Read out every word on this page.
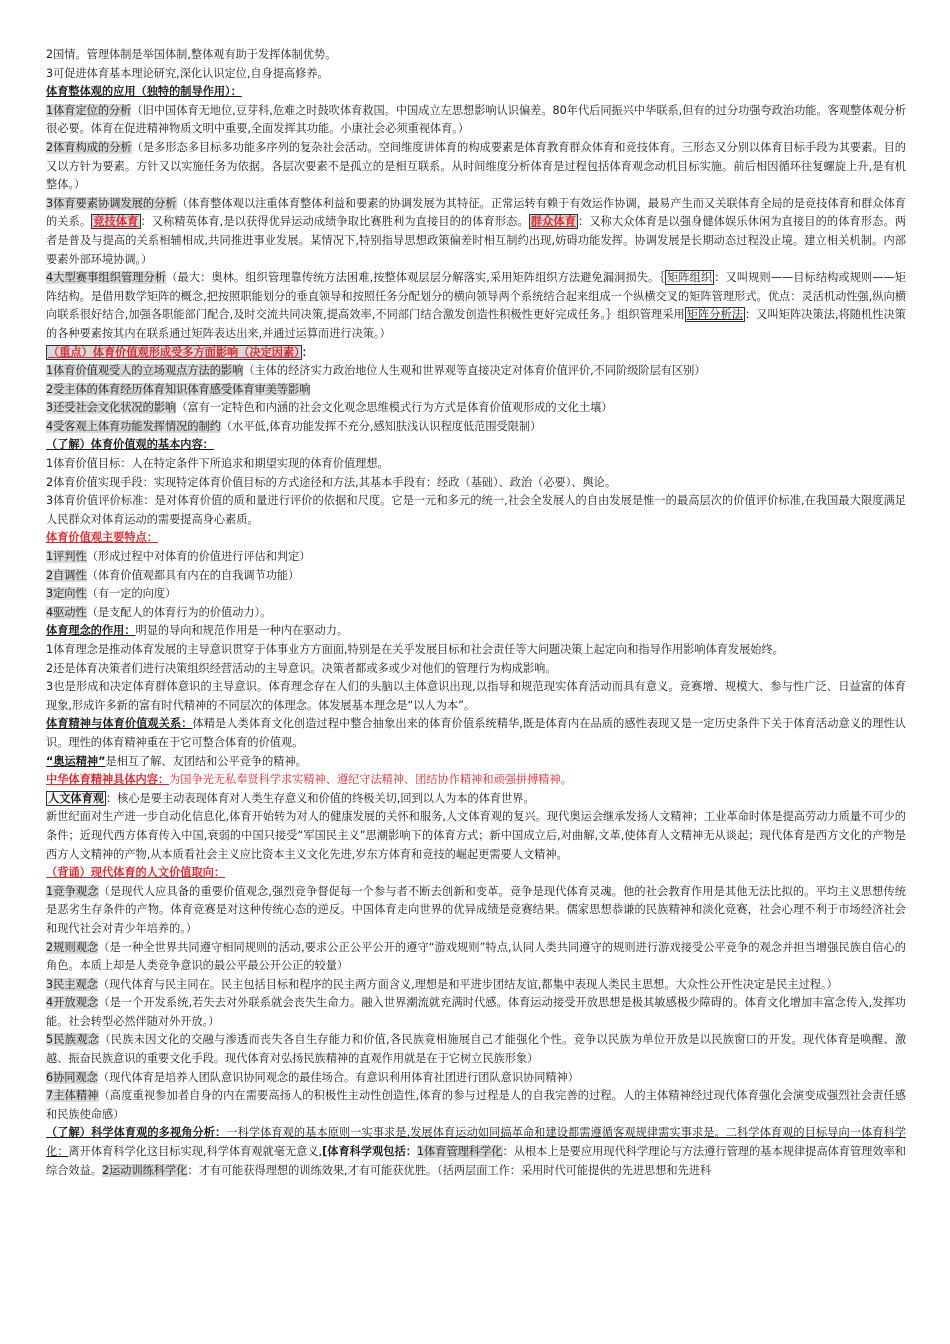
2国情。管理体制是举国体制,整体观有助于发挥体制优势。

3可促进体育基本理论研究,深化认识定位,自身提高修养。

体育整体观的应用（独特的制导作用）：

1体育定位的分析（旧中国体育无地位,豆芽科,危难之时鼓吹体育救国。中国成立左思想影响认识偏差。80年代后同振兴中华联系,但有的过分功强夸政治功能。客观整体观分析很必要。体育在促进精神物质文明中重要,全面发挥其功能。小康社会必须重视体育。）

2体育构成的分析（是多形态多目标多功能多序列的复杂社会活动。空间维度讲体育的构成要素是体育教育群众体育和竞技体育。三形态又分别以体育目标手段为其要素。目的又以方针为要素。方针又以实施任务为依据。各层次要素不是孤立的是相互联系。从时间维度分析体育是过程包括体育观念动机目标实施。前后相因循环往复螺旋上升,是有机整体。）

3体育要素协调发展的分析（体育整体观以注重体育整体利益和要素的协调发展为其特征。正常运转有赖于有效运作协调，最易产生而又关联体育全局的是竞技体育和群众体育的关系。 竞技体育 ：又称精英体育,是以获得优异运动成绩争取比赛胜利为直接目的的体育形态。 群众体育 ：又称大众体育是以强身健体娱乐休闲为直接目的的体育形态。两者是普及与提高的关系相辅相成,共同推进事业发展。某情况下,特别指导思想政策偏差时相互制约出现,妨碍功能发挥。协调发展是长期动态过程没止境。建立相关机制。内部要素外部环境协调。）

4大型赛事组织管理分析（最大：奥林。组织管理靠传统方法困难,按整体观层层分解落实,采用矩阵组织方法避免漏洞损失。｛ 矩阵组织 ：又叫规则——目标结构或规则——矩阵结构。是借用数学矩阵的概念,把按照职能划分的垂直领导和按照任务分配划分的横向领导两个系统结合起来组成一个纵横交叉的矩阵管理形式。优点：灵活机动性强,纵向横向联系很好结合,加强各职能部门配合,及时交流共同决策,提高效率,不同部门结合激发创造性积极性更好完成任务。｝组织管理采用 矩阵分析法 ：又叫矩阵决策法,将随机性决策的各种要素按其内在联系通过矩阵表达出来,并通过运算而进行决策。）

（重点）体育价值观形成受多方面影响（决定因素） ：

1体育价值观受人的立场观点方法的影响（主体的经济实力政治地位人生观和世界观等直接决定对体育价值评价,不同阶级阶层有区别）

2受主体的体育经历体育知识体育感受体育审美等影响

3还受社会文化状况的影响（富有一定特色和内涵的社会文化观念思维模式行为方式是体育价值观形成的文化土壤）

4受客观上体育功能发挥情况的制约（水平低,体育功能发挥不充分,感知肤浅认识程度低范围受限制）

（了解）体育价值观的基本内容：

1体育价值目标：人在特定条件下所追求和期望实现的体育价值理想。

2体育价值实现手段：实现特定体育价值目标的方式途径和方法,其基本手段有：经政（基础）、政治（必要）、舆论。

3体育价值评价标准：是对体育价值的质和量进行评价的依据和尺度。它是一元和多元的统一,社会全发展人的自由发展是惟一的最高层次的价值评价标准,在我国最大限度满足人民群众对体育运动的需要提高身心素质。

体育价值观主要特点：

1评判性（形成过程中对体育的价值进行评估和判定）

2自调性（体育价值观都具有内在的自我调节功能）

3定向性（有一定的向度）

4驱动性（是支配人的体育行为的价值动力）。

体育理念的作用：明显的导向和规范作用是一种内在驱动力。

1体育理念是推动体育发展的主导意识贯穿于体事业方方面面,特别是在关乎发展目标和社会责任等大问题决策上起定向和指导作用影响体育发展始终。

2还是体育决策者们进行决策组织经营活动的主导意识。决策者都或多或少对他们的管理行为构成影响。

3也是形成和决定体育群体意识的主导意识。体育理念存在人们的头脑以主体意识出现,以指导和规范现实体育活动而具有意义。竞赛增、规模大、参与性广泛、日益富的体育现象,形成许多新的富有时代精神的不同层次的体理念。体发展基本理念是“以人为本”。

体育精神与体育价值观关系：体精是人类体育文化创造过程中整合抽象出来的体育价值系统精华,既是体育内在品质的感性表现又是一定历史条件下关于体育活动意义的理性认识。理性的体育精神重在于它可整合体育的价值观。

“奥运精神”是相互了解、友团结和公平竞争的精神。

中华体育精神具体内容：为国争光无私奉贤科学求实精神、遵纪守法精神、团结协作精神和顽强拼搏精神。

人文体育观 ：核心是要主动表现体育对人类生存意义和价值的终极关切,回到以人为本的体育世界。

新世纪面对生产进一步自动化信息化,体育开始转为对人的健康发展的关怀和服务,人文体育观的复兴。现代奥运会继承发扬人文精神；工业革命时体是提高劳动力质量不可少的条件；近现代西方体育传入中国,衰弱的中国只接受“军国民主义”思潮影响下的体育方式；新中国成立后,对曲解,文革,使体育人文精神无从谈起；现代体育是西方文化的产物是西方人文精神的产物,从本质看社会主义应比资本主义文化先进,岁东方体育和竞技的崛起更需要人文精神。

（背诵）现代体育的人文价值取向：

1竞争观念（是现代人应具备的重要价值观念,强烈竞争督促每一个参与者不断去创新和变革。竞争是现代体育灵魂。他的社会教育作用是其他无法比拟的。平均主义思想传统是恶劣生存条件的产物。体育竞赛是对这种传统心态的逆反。中国体育走向世界的优异成绩是竞赛结果。儒家思想恭谦的民族精神和淡化竞赛，社会心理不利于市场经济社会和现代社会对青少年培养的。）

2规则观念（是一种全世界共同遵守相同规则的活动,要求公正公平公开的遵守“游戏规则”特点,认同人类共同遵守的规则进行游戏接受公平竞争的观念并担当增强民族自信心的角色。本质上却是人类竞争意识的最公平最公开公正的较量）

3民主观念（现代体育与民主同在。民主包括目标和程序的民主两方面含义,理想是和平进步团结友谊,都集中表现人类民主思想。大众性公开性决定是民主过程。）

4开放观念（是一个开发系统,若失去对外联系就会丧失生命力。融入世界潮流就充满时代感。体育运动接受开放思想是极其敏感极少障碍的。体育文化增加丰富念传入,发挥功能。社会转型必然伴随对外开放。）

5民族观念（民族未因文化的交融与渗透而丧失各自生存能力和价值,各民族竟相施展自己才能强化个性。竞争以民族为单位开放是以民族窗口的开发。现代体育是唤醒、激越、振奋民族意识的重要文化手段。现代体育对弘扬民族精神的直观作用就是在于它树立民族形象）

6协同观念（现代体育是培养人团队意识协同观念的最佳场合。有意识利用体育社团进行团队意识协同精神）

7主体精神（高度重视参加者自身的内在需要高扬人的积极性主动性创造性,体育的参与过程是人的自我完善的过程。人的主体精神经过现代体育强化会演变成强烈社会责任感和民族使命感）

（了解）科学体育观的多视角分析：一科学体育观的基本原则一实事求是,发展体育运动如同搞革命和建设都需遵循客观规律需实事求是。二科学体育观的目标导向一体育科学化：离开体育科学化这目标实现,科学体育观就毫无意义,[体育科学观包括：1体育管理科学化：从根本上是要应用现代科学理论与方法遵行管理的基本规律提高体育管理效率和综合效益。2运动训练科学化：才有可能获得理想的训练效果,才有可能获优胜。（括两层面工作：采用时代可能提供的先进思想和先进科
